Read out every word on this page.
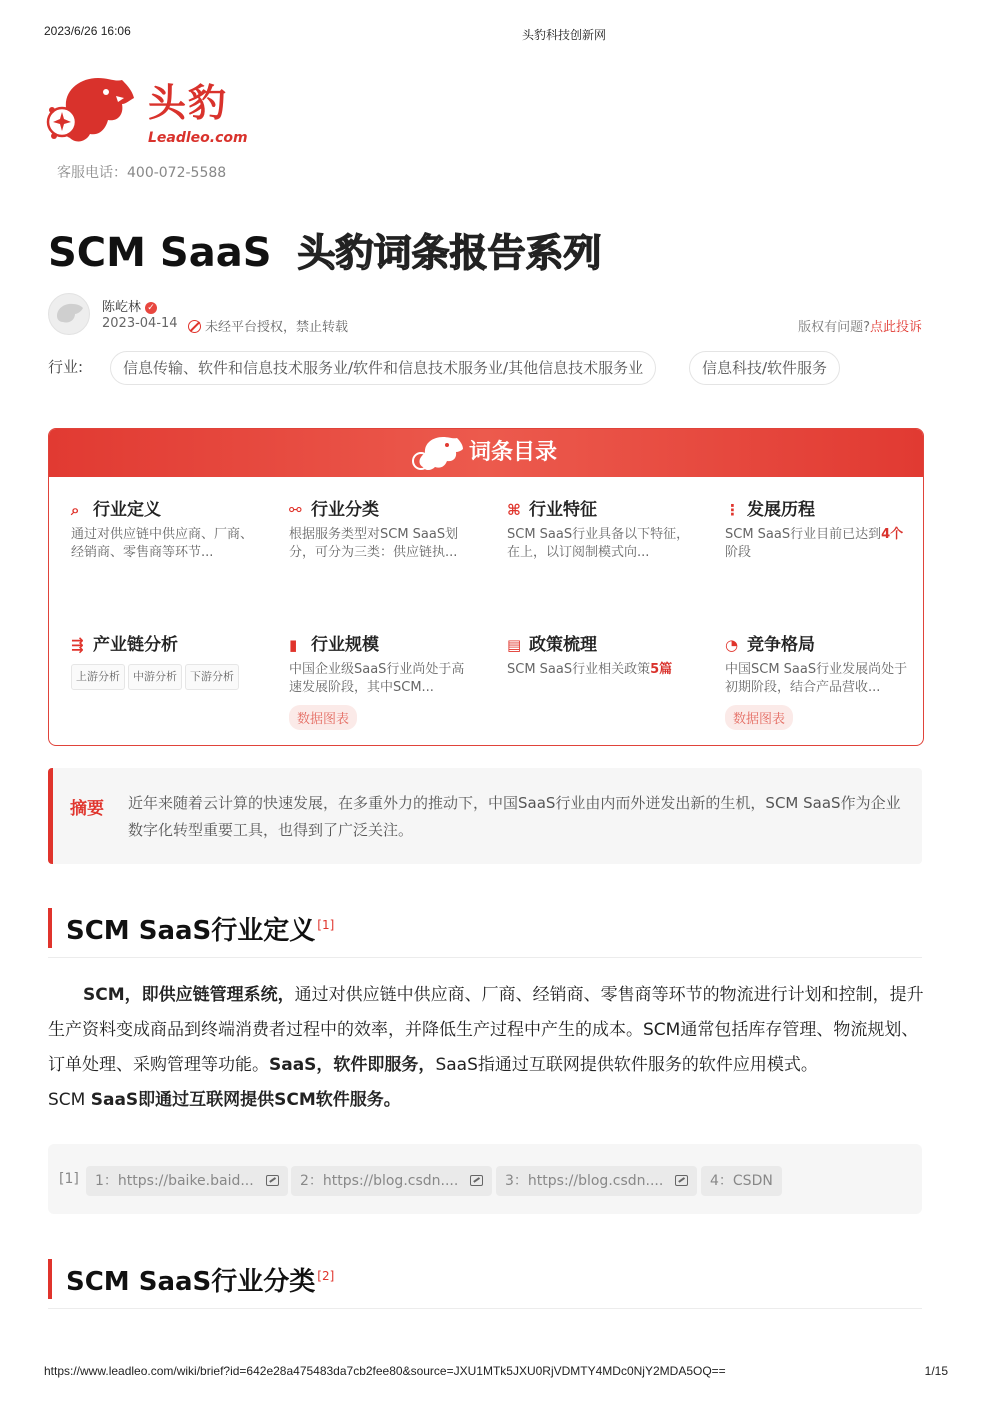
2023/6/26 16:06	头豹科技创新网
头豹
Leadleo.com
客服电话：400-072-5588
SCM SaaS 头豹词条报告系列
陈屹林 ✓
2023-04-14	未经平台授权，禁止转载	版权有问题?点此投诉
行业:	信息传输、软件和信息技术服务业/软件和信息技术服务业/其他信息技术服务业	信息科技/软件服务
词条目录
⌕ 行业定义
通过对供应链中供应商、厂商、经销商、零售商等环节...
⚯ 行业分类
根据服务类型对SCM SaaS划分，可分为三类：供应链执...
⌘ 行业特征
SCM SaaS行业具备以下特征，在上，以订阅制模式向...
⋮ 发展历程
SCM SaaS行业目前已达到4个阶段
⇶ 产业链分析
上游分析 中游分析 下游分析
▮ 行业规模
中国企业级SaaS行业尚处于高速发展阶段，其中SCM...
数据图表
▤ 政策梳理
SCM SaaS行业相关政策5篇
◔ 竞争格局
中国SCM SaaS行业发展尚处于初期阶段，结合产品营收...
数据图表
摘要 近年来随着云计算的快速发展，在多重外力的推动下，中国SaaS行业由内而外迸发出新的生机，SCM SaaS作为企业数字化转型重要工具，也得到了广泛关注。
SCM SaaS行业定义 [1]
SCM，即供应链管理系统，通过对供应链中供应商、厂商、经销商、零售商等环节的物流进行计划和控制，提升生产资料变成商品到终端消费者过程中的效率，并降低生产过程中产生的成本。SCM通常包括库存管理、物流规划、订单处理、采购管理等功能。SaaS，软件即服务，SaaS指通过互联网提供软件服务的软件应用模式。
SCM SaaS即通过互联网提供SCM软件服务。
[1]	1：https://baike.baid...	2：https://blog.csdn....	3：https://blog.csdn....	4：CSDN
SCM SaaS行业分类 [2]
https://www.leadleo.com/wiki/brief?id=642e28a475483da7cb2fee80&source=JXU1MTk5JXU0RjVDMTY4MDc0NjY2MDA5OQ==	1/15
